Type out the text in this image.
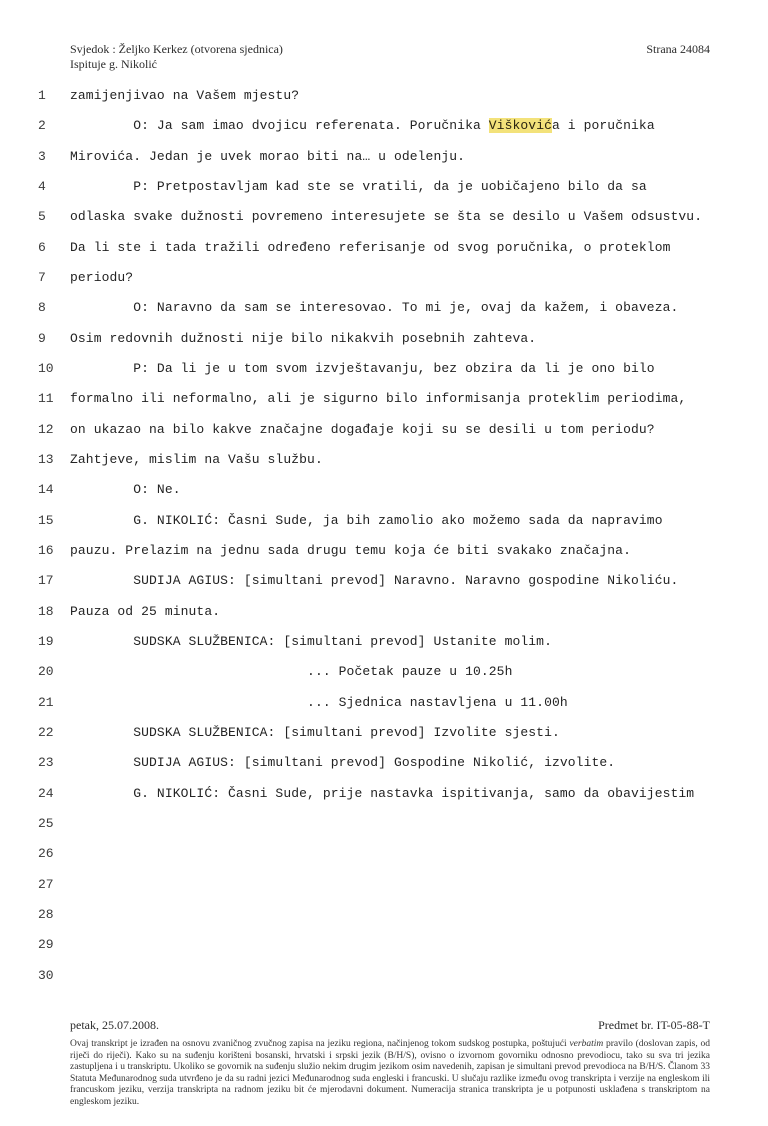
Svjedok : Željko Kerkez (otvorena sjednica)
Ispituje g. Nikolić
Strana 24084
1	zamijenjivao na Vašem mjestu?
2	O: Ja sam imao dvojicu referenata. Poručnika Viškovića i poručnika
3	Mirovića. Jedan je uvek morao biti na… u odelenju.
4	P: Pretpostavljam kad ste se vratili, da je uobičajeno bilo da sa
5	odlaska svake dužnosti povremeno interesujete se šta se desilo u Vašem odsustvu.
6	Da li ste i tada tražili određeno referisanje od svog poručnika, o proteklom
7	periodu?
8	O: Naravno da sam se interesovao. To mi je, ovaj da kažem, i obaveza.
9	Osim redovnih dužnosti nije bilo nikakvih posebnih zahteva.
10	P: Da li je u tom svom izvještavanju, bez obzira da li je ono bilo
11	formalno ili neformalno, ali je sigurno bilo informisanja proteklim periodima,
12	on ukazao na bilo kakve značajne događaje koji su se desili u tom periodu?
13	Zahtjeve, mislim na Vašu službu.
14	O: Ne.
15	G. NIKOLIĆ: Časni Sude, ja bih zamolio ako možemo sada da napravimo
16	pauzu. Prelazim na jednu sada drugu temu koja će biti svakako značajna.
17	SUDIJA AGIUS: [simultani prevod] Naravno. Naravno gospodine Nikoliću.
18	Pauza od 25 minuta.
19	SUDSKA SLUŽBENICA: [simultani prevod] Ustanite molim.
20	... Početak pauze u 10.25h
21	... Sjednica nastavljena u 11.00h
22	SUDSKA SLUŽBENICA: [simultani prevod] Izvolite sjesti.
23	SUDIJA AGIUS: [simultani prevod] Gospodine Nikolić, izvolite.
24	G. NIKOLIĆ: Časni Sude, prije nastavka ispitivanja, samo da obavijestim
25
26
27
28
29
30
petak, 25.07.2008.	Predmet br. IT-05-88-T

Ovaj transkript je izrađen na osnovu zvaničnog zvučnog zapisa na jeziku regiona, načinjenog tokom sudskog postupka, poštujući verbatim pravilo (doslovan zapis, od riječi do riječi). Kako su na suđenju korišteni bosanski, hrvatski i srpski jezik (B/H/S), ovisno o izvornom govorniku odnosno prevodiocu, tako su sva tri jezika zastupljena i u transkriptu. Ukoliko se govornik na suđenju služio nekim drugim jezikom osim navedenih, zapisan je simultani prevod prevodioca na B/H/S. Članom 33 Statuta Međunarodnog suda utvrđeno je da su radni jezici Međunarodnog suda engleski i francuski. U slučaju razlike između ovog transkripta i verzije na engleskom ili francuskom jeziku, verzija transkripta na radnom jeziku bit će mjerodavni dokument. Numeracija stranica transkripta je u potpunosti usklađena s transkriptom na engleskom jeziku.
